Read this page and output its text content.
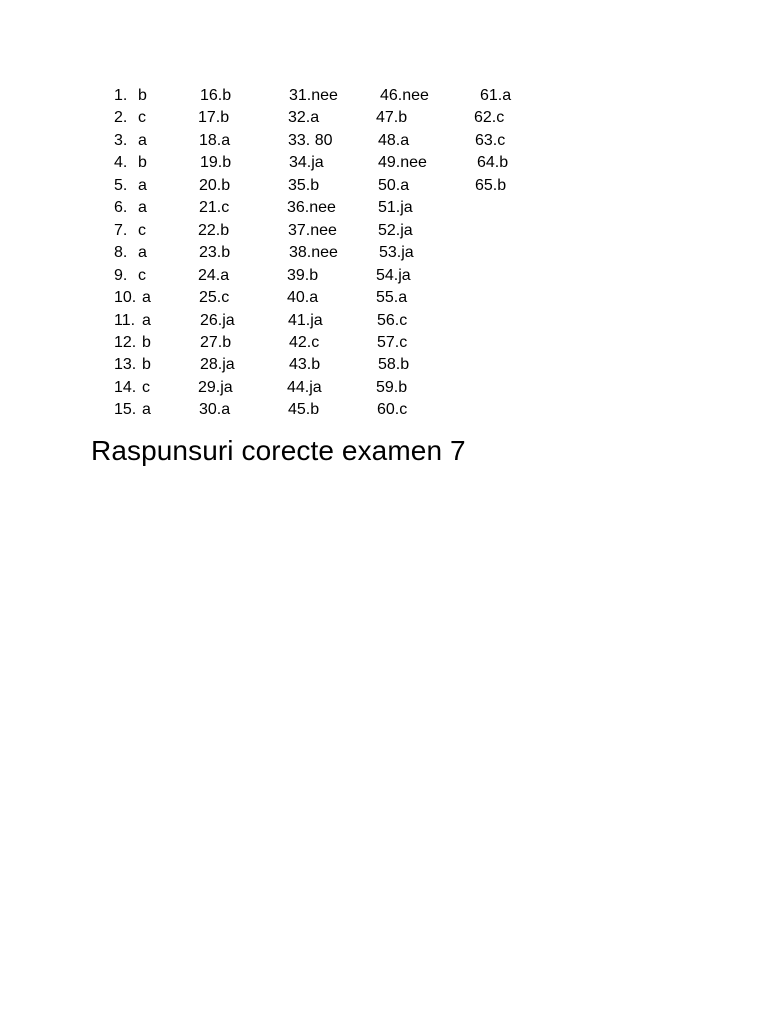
1. b	16.b	31.nee	46.nee	61.a
2. c	17.b	32.a	47.b	62.c
3. a	18.a	33. 80	48.a	63.c
4. b	19.b	34.ja	49.nee	64.b
5. a	20.b	35.b	50.a	65.b
6. a	21.c	36.nee	51.ja
7. c	22.b	37.nee	52.ja
8. a	23.b	38.nee	53.ja
9. c	24.a	39.b	54.ja
10. a	25.c	40.a	55.a
11. a	26.ja	41.ja	56.c
12. b	27.b	42.c	57.c
13. b	28.ja	43.b	58.b
14. c	29.ja	44.ja	59.b
15. a	30.a	45.b	60.c
Raspunsuri corecte examen 7
